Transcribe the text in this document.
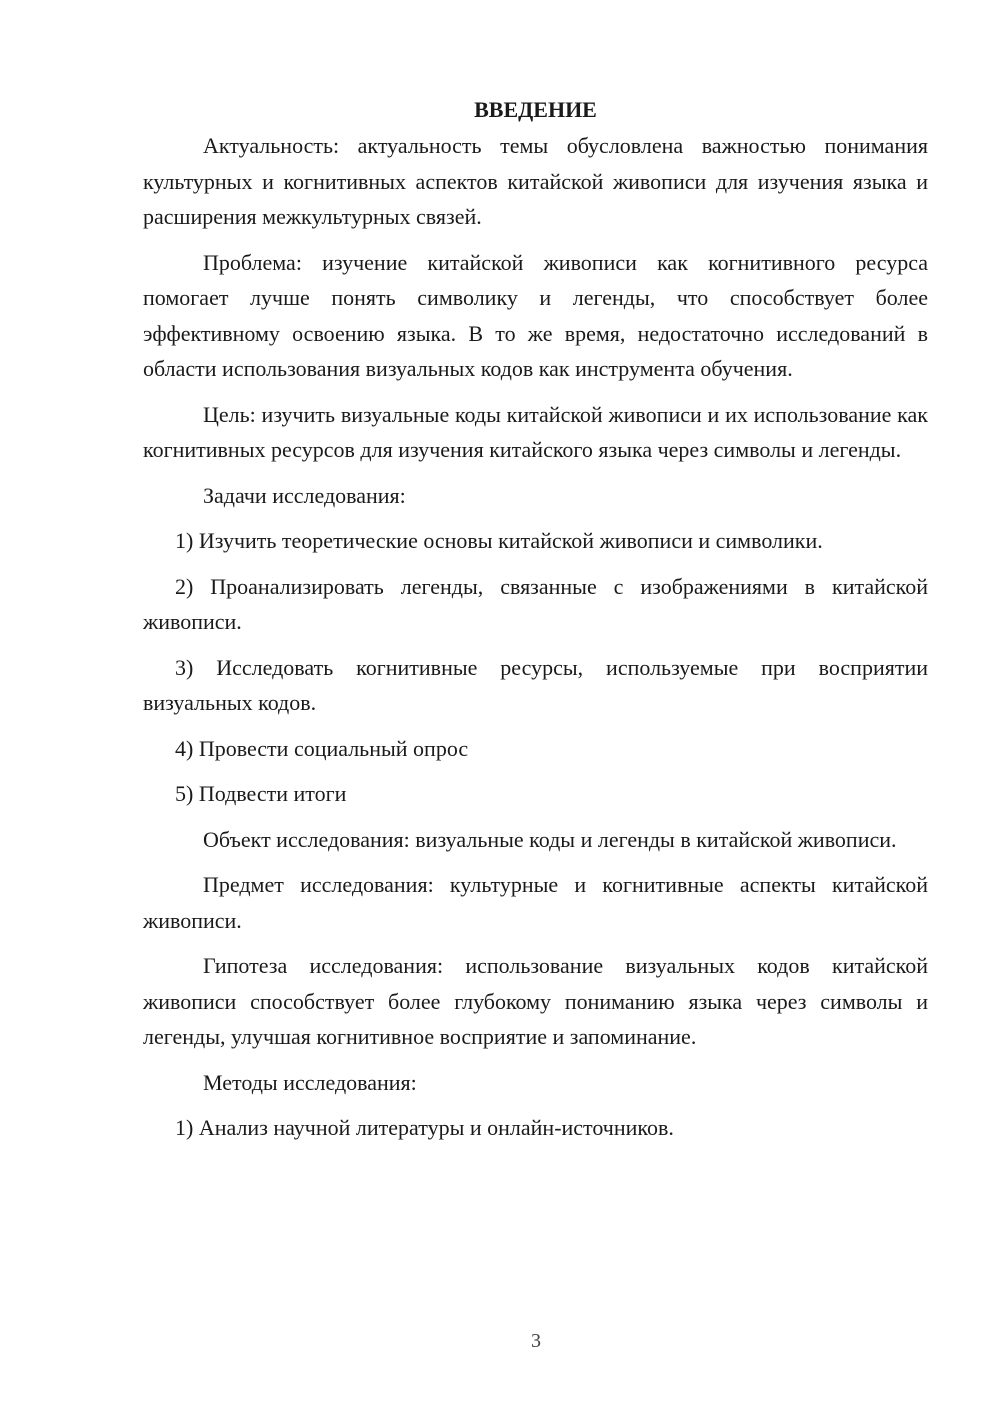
ВВЕДЕНИЕ

Актуальность: актуальность темы обусловлена важностью понимания культурных и когнитивных аспектов китайской живописи для изучения языка и расширения межкультурных связей.

Проблема: изучение китайской живописи как когнитивного ресурса помогает лучше понять символику и легенды, что способствует более эффективному освоению языка. В то же время, недостаточно исследований в области использования визуальных кодов как инструмента обучения.

Цель: изучить визуальные коды китайской живописи и их использование как когнитивных ресурсов для изучения китайского языка через символы и легенды.

Задачи исследования:

1) Изучить теоретические основы китайской живописи и символики.

2) Проанализировать легенды, связанные с изображениями в китайской живописи.

3) Исследовать когнитивные ресурсы, используемые при восприятии визуальных кодов.

4) Провести социальный опрос

5) Подвести итоги

Объект исследования: визуальные коды и легенды в китайской живописи.

Предмет исследования: культурные и когнитивные аспекты китайской живописи.

Гипотеза исследования: использование визуальных кодов китайской живописи способствует более глубокому пониманию языка через символы и легенды, улучшая когнитивное восприятие и запоминание.

Методы исследования:

1) Анализ научной литературы и онлайн-источников.

3
